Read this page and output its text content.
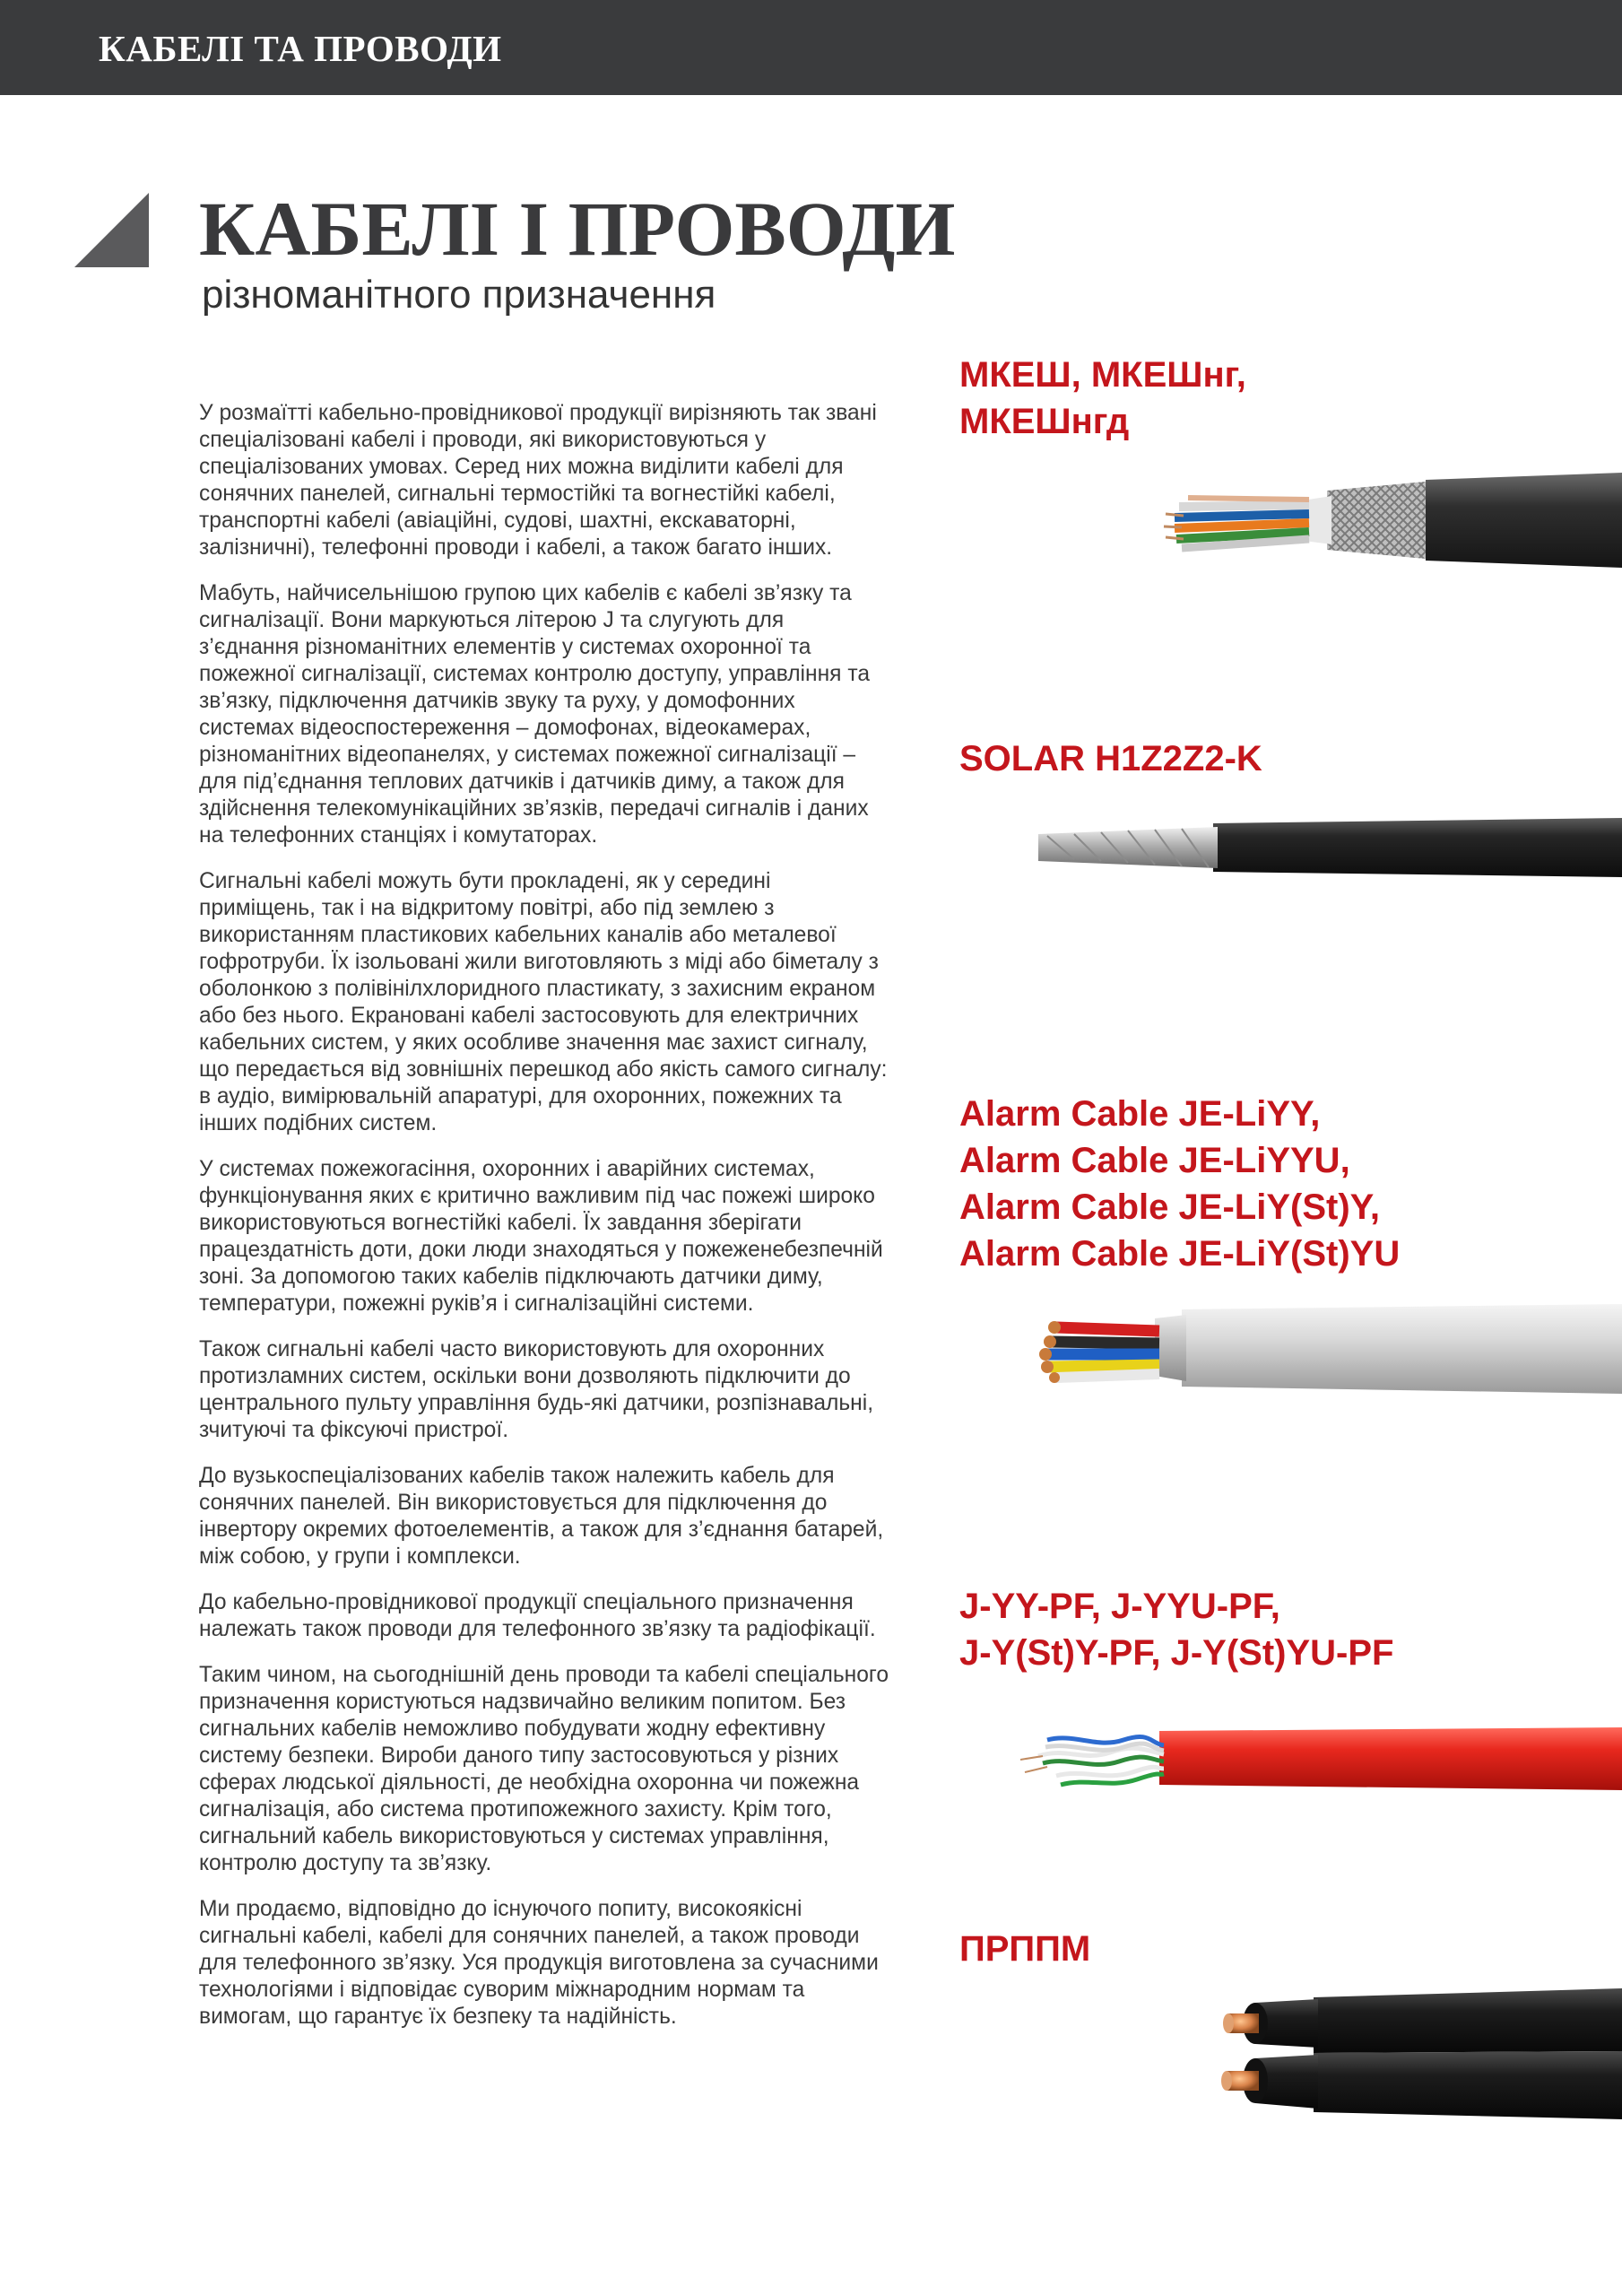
КАБЕЛІ ТА ПРОВОДИ
КАБЕЛІ І ПРОВОДИ
різноманітного призначення

У розмаїтті кабельно-провідникової продукції вирізняють так звані спеціалізовані кабелі і проводи, які використовуються у спеціалізованих умовах. Серед них можна виділити кабелі для сонячних панелей, сигнальні термостійкі та вогнестійкі кабелі, транспортні кабелі (авіаційні, судові, шахтні, екскаваторні, залізничні), телефонні проводи і кабелі, а також багато інших.

Мабуть, найчисельнішою групою цих кабелів є кабелі зв’язку та сигналізації. Вони маркуються літерою J та слугують для з’єднання різноманітних елементів у системах охоронної та пожежної сигналізації, системах контролю доступу, управління та зв’язку, підключення датчиків звуку та руху, у домофонних системах відеоспостереження – домофонах, відеокамерах, різноманітних відеопанелях, у системах пожежної сигналізації – для під’єднання теплових датчиків і датчиків диму, а також для здійснення телекомунікаційних зв’язків, передачі сигналів і даних на телефонних станціях і комутаторах.

Сигнальні кабелі можуть бути прокладені, як у середині приміщень, так і на відкритому повітрі, або під землею з використанням пластикових кабельних каналів або металевої гофротруби. Їх ізольовані жили виготовляють з міді або біметалу з оболонкою з полівінілхлоридного пластикату, з захисним екраном або без нього. Екрановані кабелі застосовують для електричних кабельних систем, у яких особливе значення має захист сигналу, що передається від зовнішніх перешкод або якість самого сигналу: в аудіо, вимірювальній апаратурі, для охоронних, пожежних та інших подібних систем.

У системах пожежогасіння, охоронних і аварійних системах, функціонування яких є критично важливим під час пожежі широко використовуються вогнестійкі кабелі. Їх завдання зберігати працездатність доти, доки люди знаходяться у пожеженебезпечній зоні. За допомогою таких кабелів підключають датчики диму, температури, пожежні руків’я і сигналізаційні системи.

Також сигнальні кабелі часто використовують для охоронних протизламних систем, оскільки вони дозволяють підключити до центрального пульту управління будь-які датчики, розпізнавальні, зчитуючі та фіксуючі пристрої.

До вузькоспеціалізованих кабелів також належить кабель для сонячних панелей. Він використовується для підключення до інвертору окремих фотоелементів, а також для з’єднання батарей, між собою, у групи і комплекси.

До кабельно-провідникової продукції спеціального призначення належать також проводи для телефонного зв’язку та радіофікації.

Таким чином, на сьогоднішній день проводи та кабелі спеціального призначення користуються надзвичайно великим попитом. Без сигнальних кабелів неможливо побудувати жодну ефективну систему безпеки. Вироби даного типу застосовуються у різних сферах людської діяльності, де необхідна охоронна чи пожежна сигналізація, або система протипожежного захисту. Крім того, сигнальний кабель використовуються у системах управління, контролю доступу та зв’язку.

Ми продаємо, відповідно до існуючого попиту, високоякісні сигнальні кабелі, кабелі для сонячних панелей, а також проводи для телефонного зв’язку. Уся продукція виготовлена за сучасними технологіями і відповідає суворим міжнародним нормам та вимогам, що гарантує їх безпеку та надійність.

МКЕШ, МКЕШнг,
МКЕШнгд
SOLAR H1Z2Z2-K
Alarm Cable JE-LiYY,
Alarm Cable JE-LiYYU,
Alarm Cable JE-LiY(St)Y,
Alarm Cable JE-LiY(St)YU
J-YY-PF, J-YYU-PF,
J-Y(St)Y-PF, J-Y(St)YU-PF
ПРППМ
